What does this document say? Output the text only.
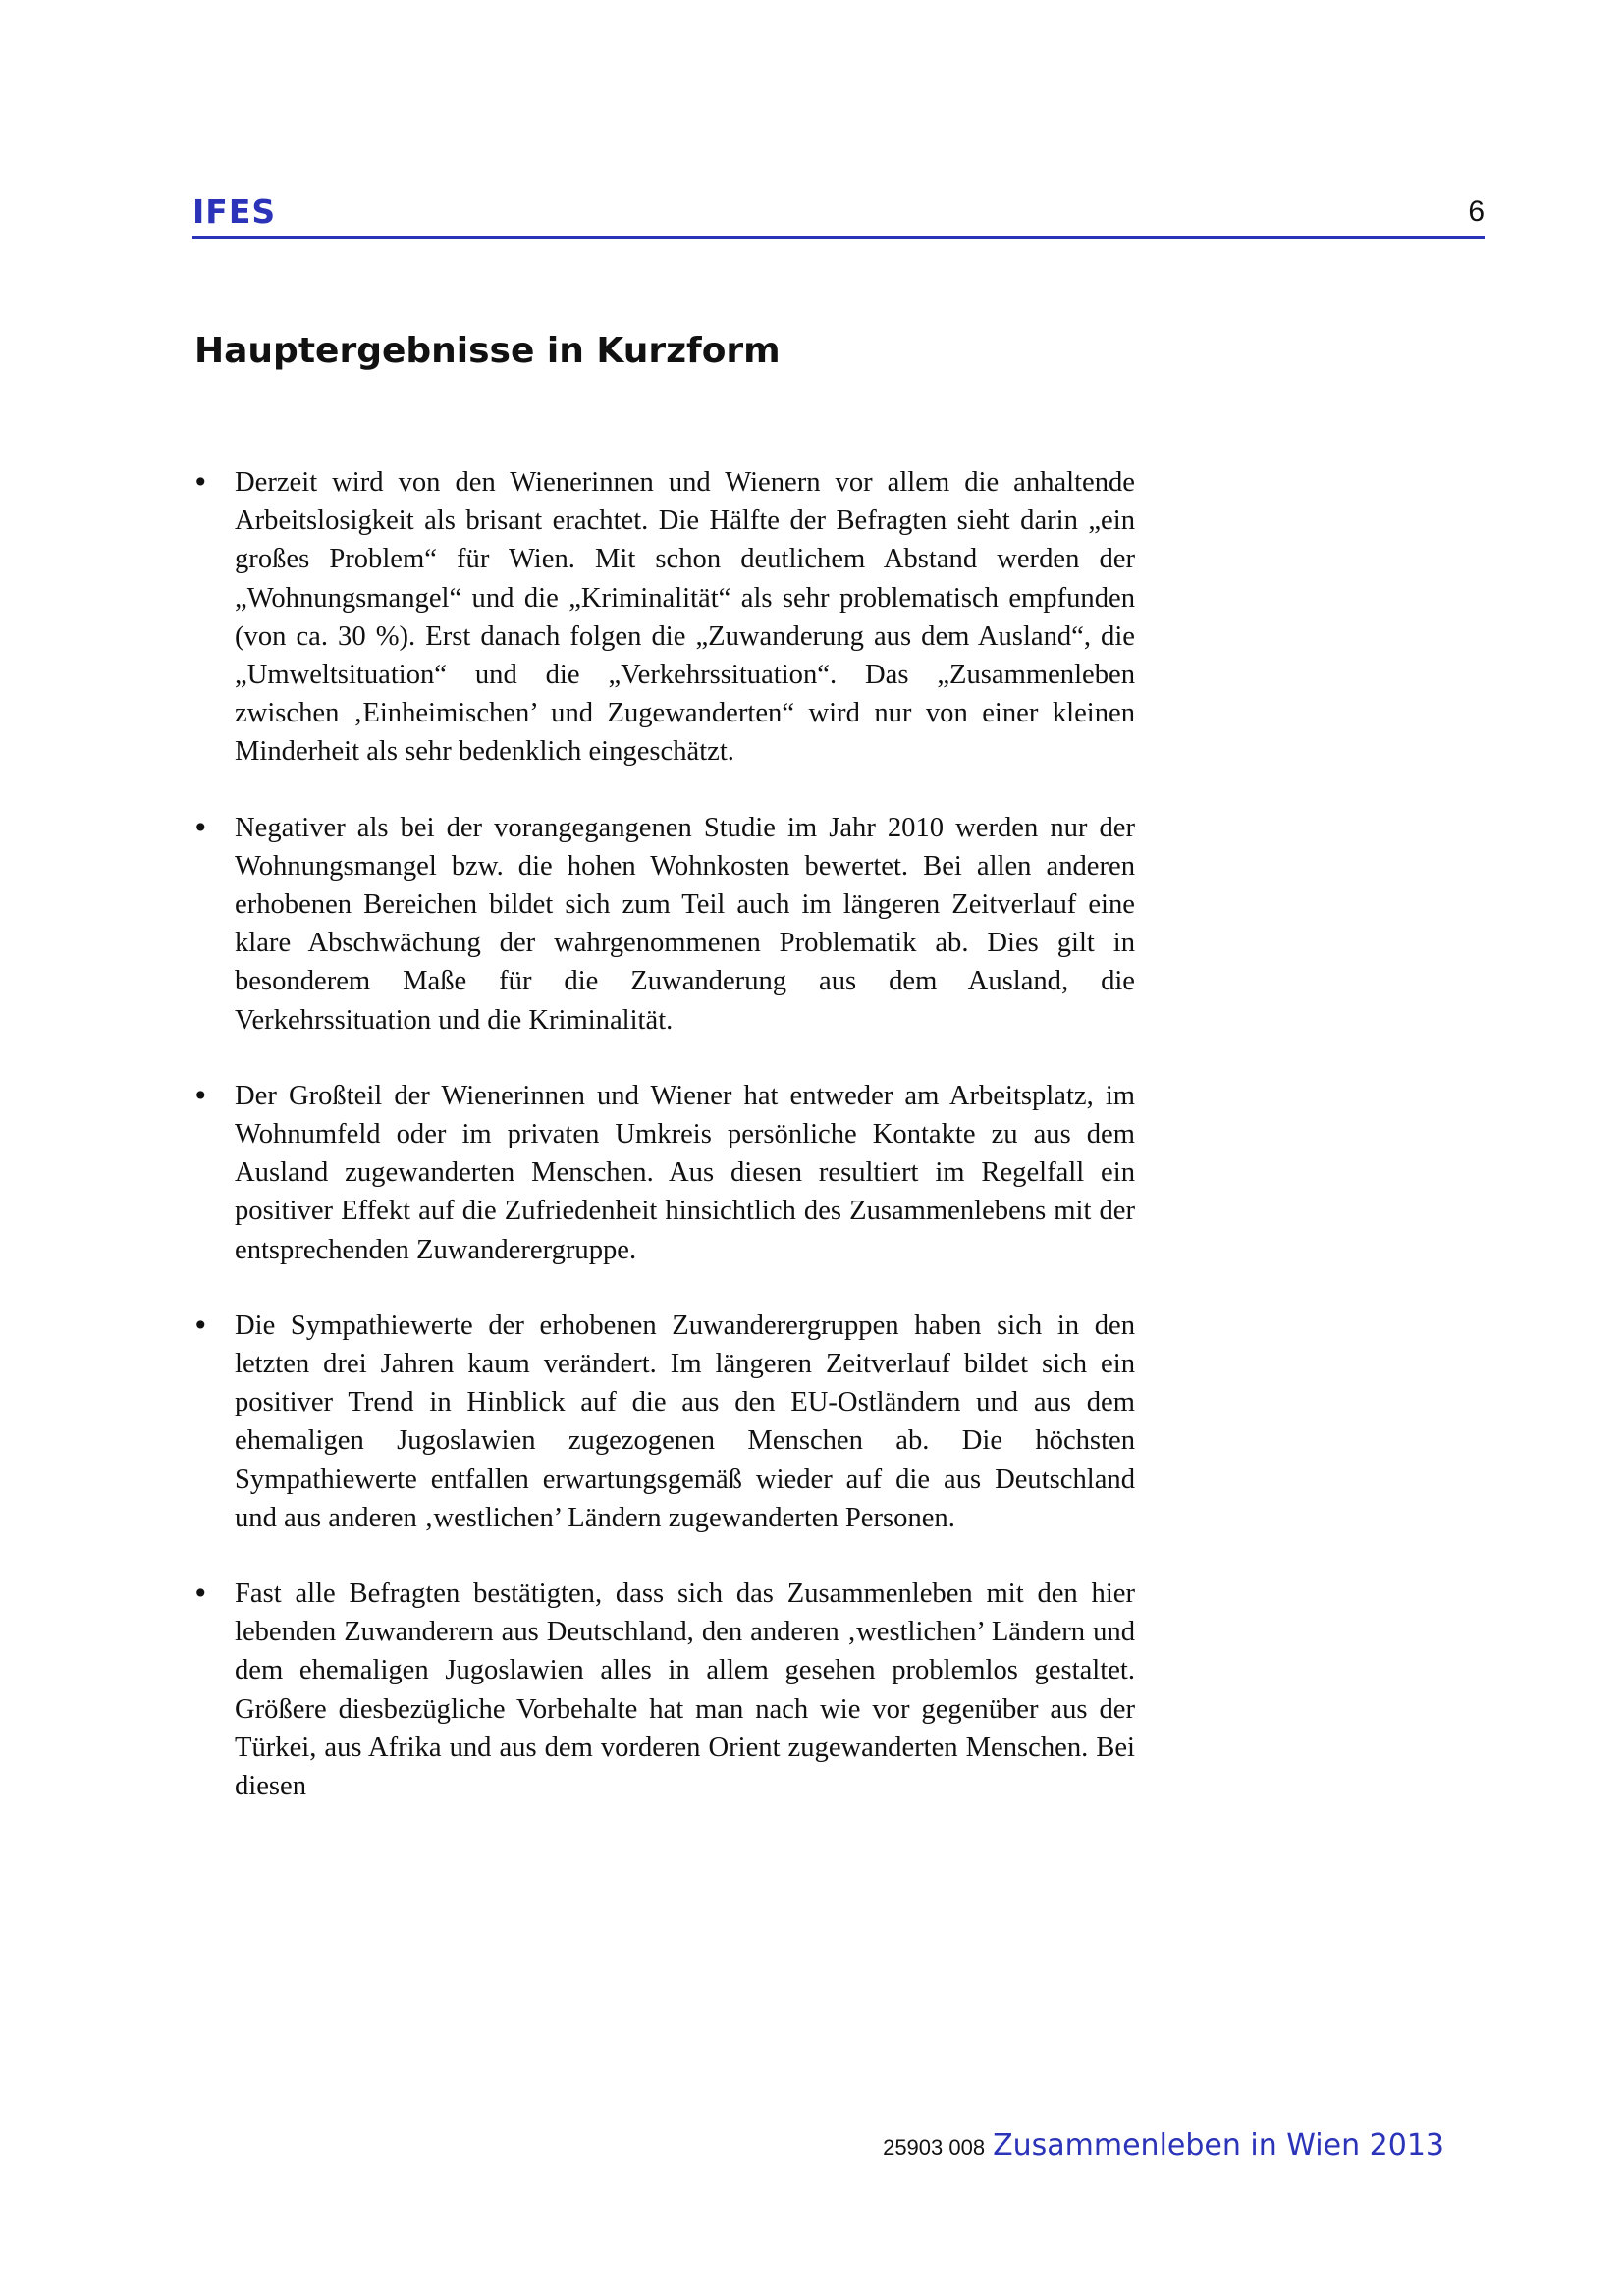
IFES	6
Hauptergebnisse in Kurzform
• Derzeit wird von den Wienerinnen und Wienern vor allem die anhaltende Arbeitslosigkeit als brisant erachtet. Die Hälfte der Befragten sieht darin „ein großes Problem“ für Wien. Mit schon deutlichem Abstand werden der „Wohnungsmangel“ und die „Kriminalität“ als sehr problematisch empfunden (von ca. 30 %). Erst danach folgen die „Zuwanderung aus dem Ausland“, die „Umweltsituation“ und die „Verkehrssituation“. Das „Zusammenleben zwischen ‚Einheimischen’ und Zugewanderten“ wird nur von einer kleinen Minderheit als sehr bedenklich eingeschätzt.
• Negativer als bei der vorangegangenen Studie im Jahr 2010 werden nur der Wohnungsmangel bzw. die hohen Wohnkosten bewertet. Bei allen anderen erhobenen Bereichen bildet sich zum Teil auch im längeren Zeitverlauf eine klare Abschwächung der wahrgenommenen Problematik ab. Dies gilt in besonderem Maße für die Zuwanderung aus dem Ausland, die Verkehrssituation und die Kriminalität.
• Der Großteil der Wienerinnen und Wiener hat entweder am Arbeitsplatz, im Wohnumfeld oder im privaten Umkreis persönliche Kontakte zu aus dem Ausland zugewanderten Menschen. Aus diesen resultiert im Regelfall ein positiver Effekt auf die Zufriedenheit hinsichtlich des Zusammenlebens mit der entsprechenden Zuwanderergruppe.
• Die Sympathiewerte der erhobenen Zuwanderergruppen haben sich in den letzten drei Jahren kaum verändert. Im längeren Zeitverlauf bildet sich ein positiver Trend in Hinblick auf die aus den EU-Ostländern und aus dem ehemaligen Jugoslawien zugezogenen Menschen ab. Die höchsten Sympathiewerte entfallen erwartungsgemäß wieder auf die aus Deutschland und aus anderen ‚westlichen’ Ländern zugewanderten Personen.
• Fast alle Befragten bestätigten, dass sich das Zusammenleben mit den hier lebenden Zuwanderern aus Deutschland, den anderen ‚westlichen’ Ländern und dem ehemaligen Jugoslawien alles in allem gesehen problemlos gestaltet. Größere diesbezügliche Vorbehalte hat man nach wie vor gegenüber aus der Türkei, aus Afrika und aus dem vorderen Orient zugewanderten Menschen. Bei diesen
25903 008 Zusammenleben in Wien 2013
